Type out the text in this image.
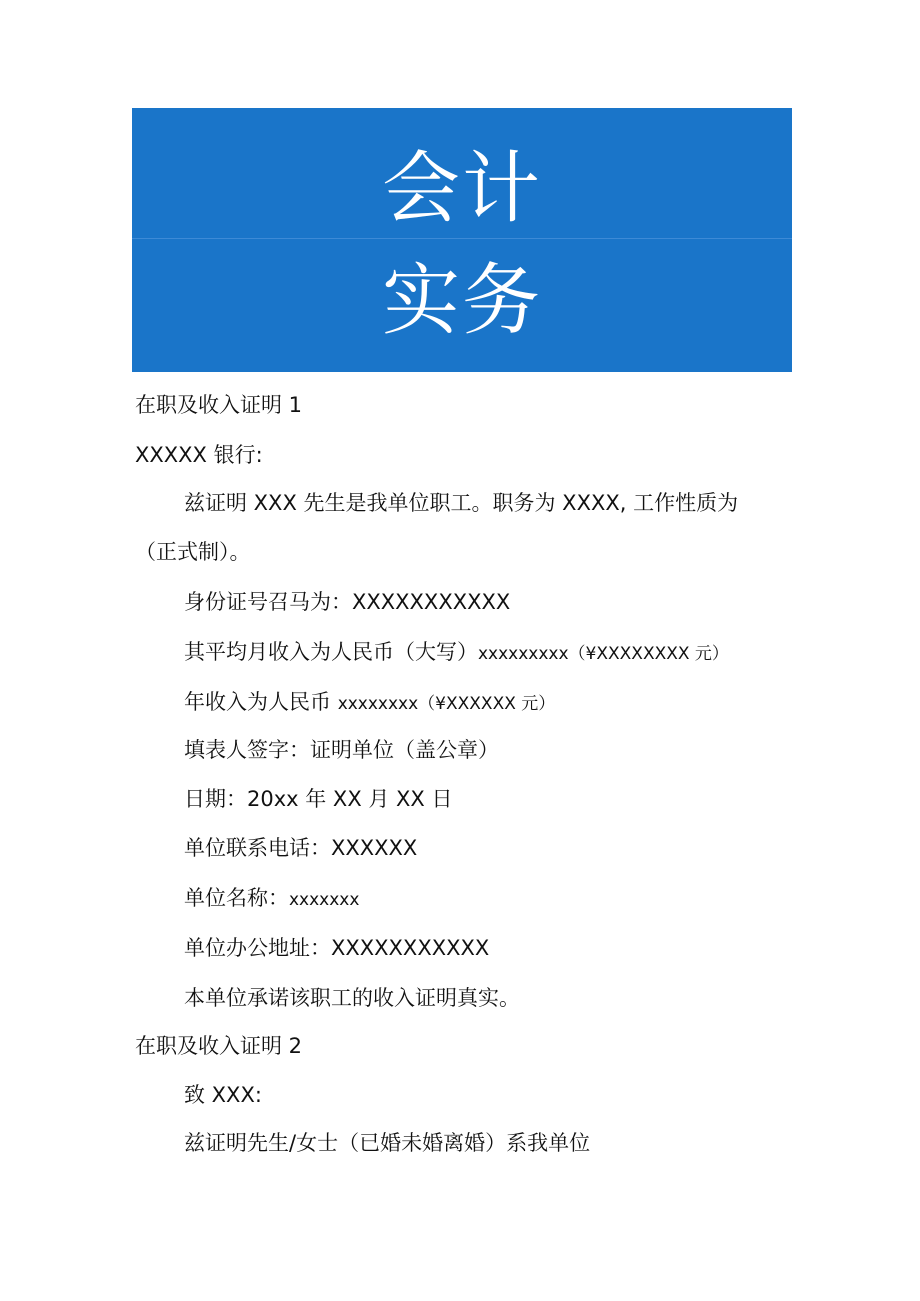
会计
实务
在职及收入证明 1
XXXXX 银行:
兹证明 XXX 先生是我单位职工。职务为 XXXX, 工作性质为
（正式制）。
身份证号召马为：XXXXXXXXXXX
其平均月收入为人民币（大写）xxxxxxxxx（¥XXXXXXXX 元）
年收入为人民币 xxxxxxxx（¥XXXXXX 元）
填表人签字：证明单位（盖公章）
日期：20xx 年 XX 月 XX 日
单位联系电话：XXXXXX
单位名称：xxxxxxx
单位办公地址：XXXXXXXXXXX
本单位承诺该职工的收入证明真实。
在职及收入证明 2
致 XXX:
兹证明先生/女士（已婚未婚离婚）系我单位
